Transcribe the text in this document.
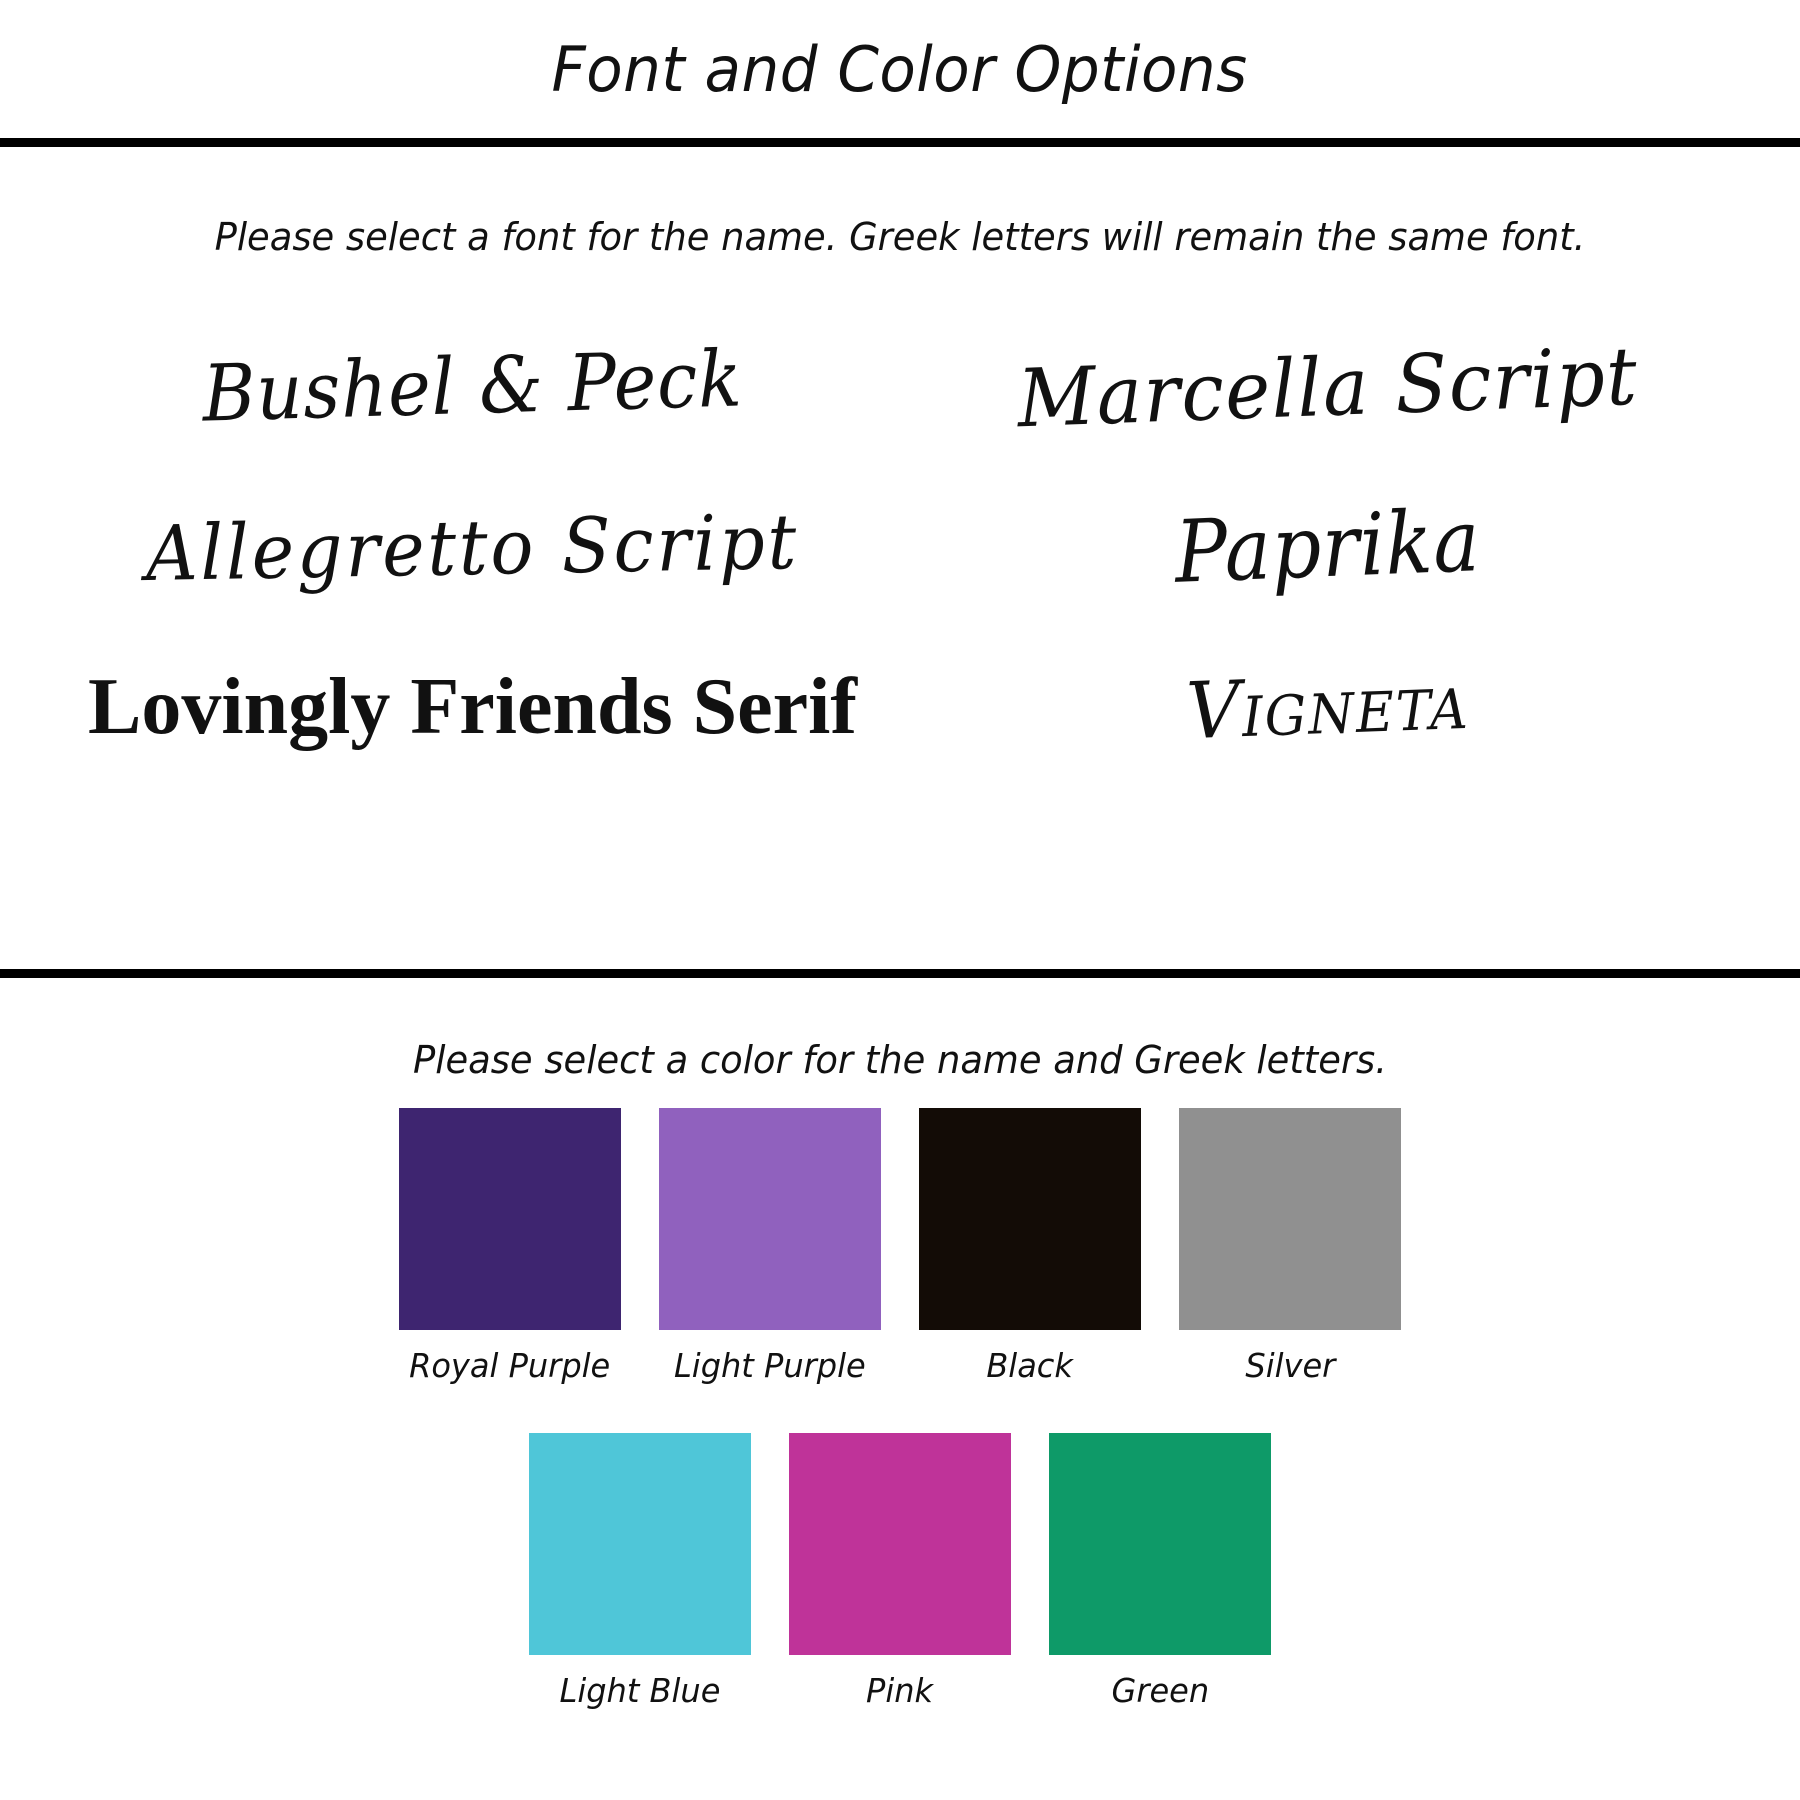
Font and Color Options
Please select a font for the name. Greek letters will remain the same font.
Bushel & Peck	Marcella Script
Allegretto Script	Paprika
Lovingly Friends Serif	Vigneta
Please select a color for the name and Greek letters.
Royal Purple Light Purple	Black	Silver
Light Blue	Pink	Green
